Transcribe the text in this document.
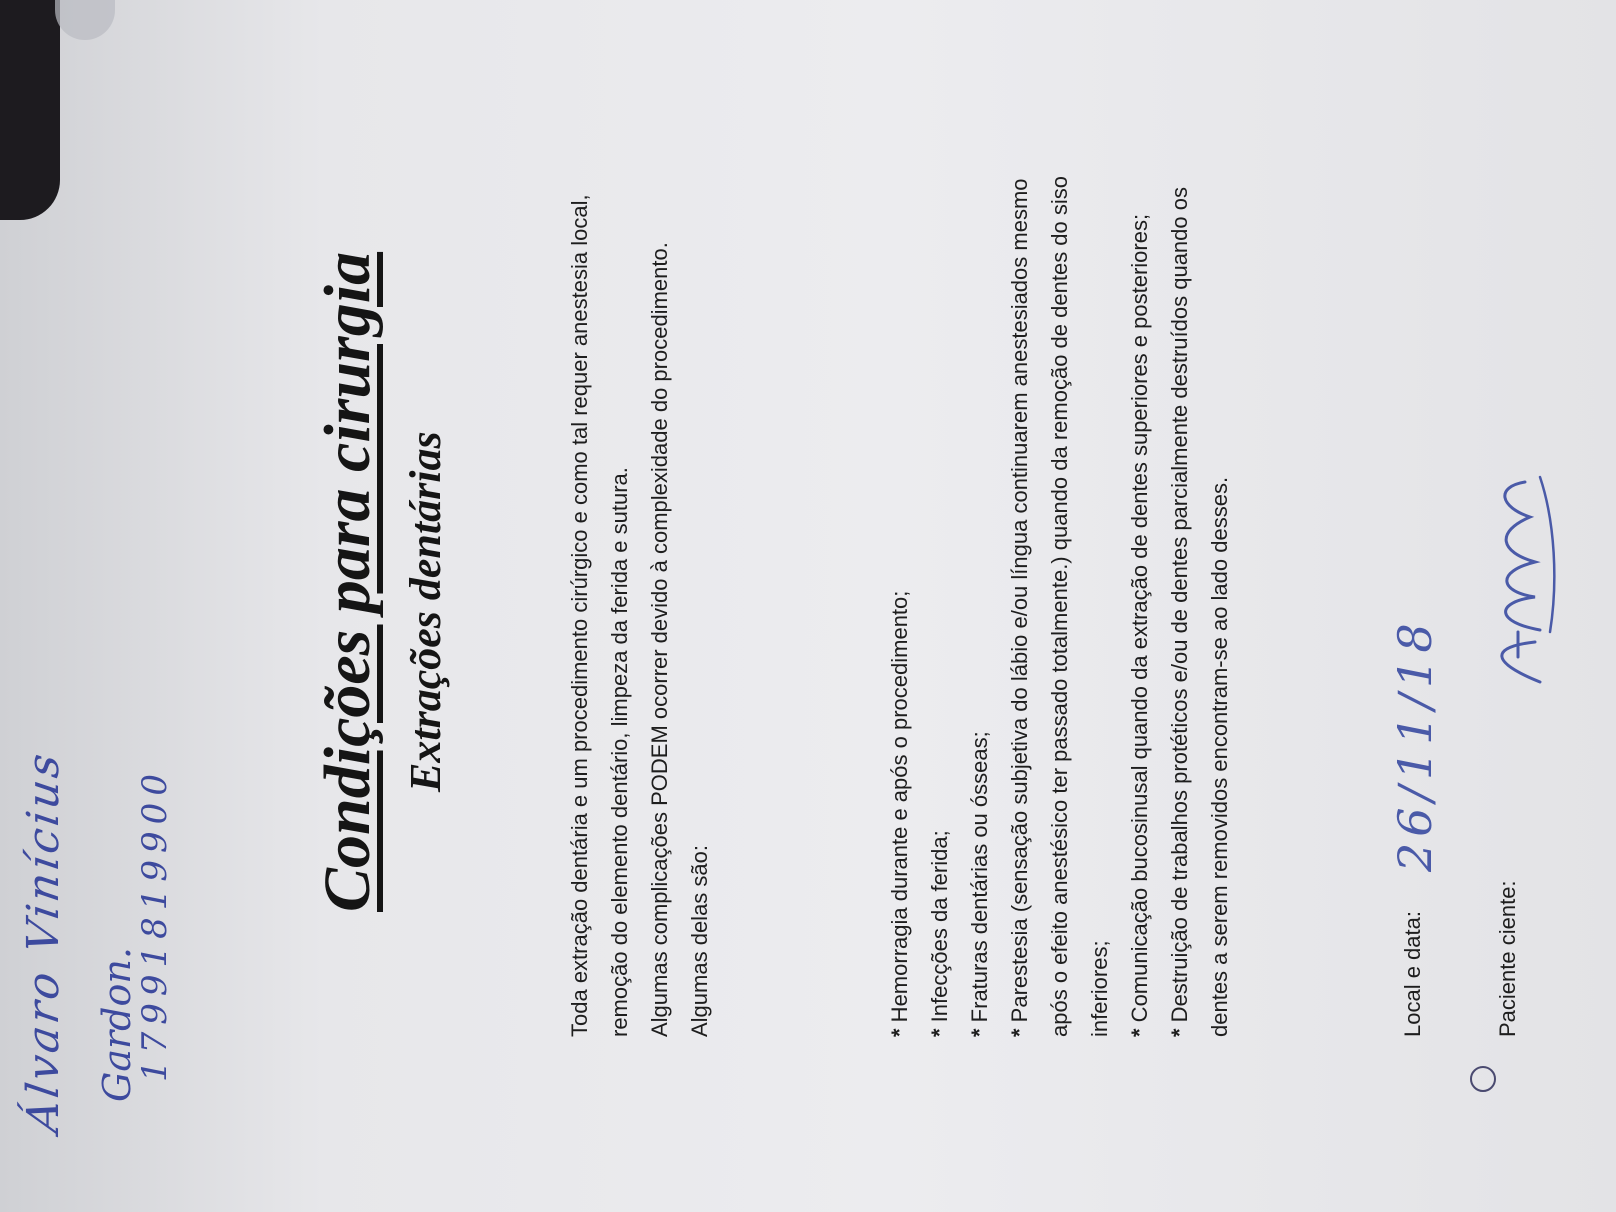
Álvaro Vinícius Gardon.
17991819900
Condições para cirurgia Extrações dentárias	Toda extração dentária e um procedimento cirúrgico e como tal requer anestesia local, remoção do elemento dentário, limpeza da ferida e sutura. Algumas complicações PODEM ocorrer devido à complexidade do procedimento. Algumas delas são:	* Hemorragia durante e após o procedimento; * Infecções da ferida; * Fraturas dentárias ou ósseas; * Parestesia (sensação subjetiva do lábio e/ou língua continuarem anestesiados mesmo após o efeito anestésico ter passado totalmente.) quando da remoção de dentes do siso inferiores; * Comunicação bucosinusal quando da extração de dentes superiores e posteriores; * Destruição de trabalhos protéticos e/ou de dentes parcialmente destruídos quando os dentes a serem removidos encontram-se ao lado desses.	Local e data:
26/11/18
Paciente ciente:
